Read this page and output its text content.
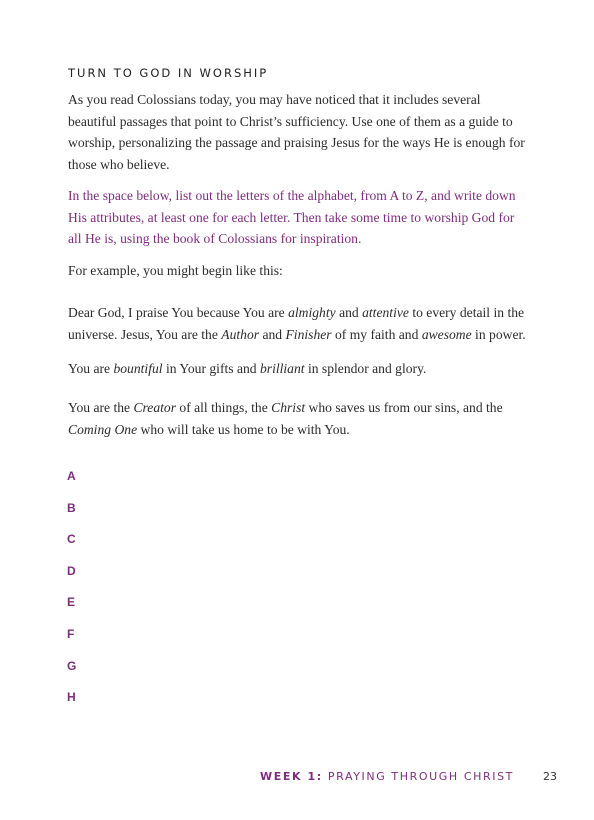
TURN TO GOD IN WORSHIP

As you read Colossians today, you may have noticed that it includes several beautiful passages that point to Christ’s sufficiency. Use one of them as a guide to worship, personalizing the passage and praising Jesus for the ways He is enough for those who believe.

In the space below, list out the letters of the alphabet, from A to Z, and write down His attributes, at least one for each letter. Then take some time to worship God for all He is, using the book of Colossians for inspiration.

For example, you might begin like this:

Dear God, I praise You because You are almighty and attentive to every detail in the universe. Jesus, You are the Author and Finisher of my faith and awesome in power.

You are bountiful in Your gifts and brilliant in splendor and glory.

You are the Creator of all things, the Christ who saves us from our sins, and the Coming One who will take us home to be with You.

A
B
C
D
E
F
G
H
WEEK 1: PRAYING THROUGH CHRIST	23
